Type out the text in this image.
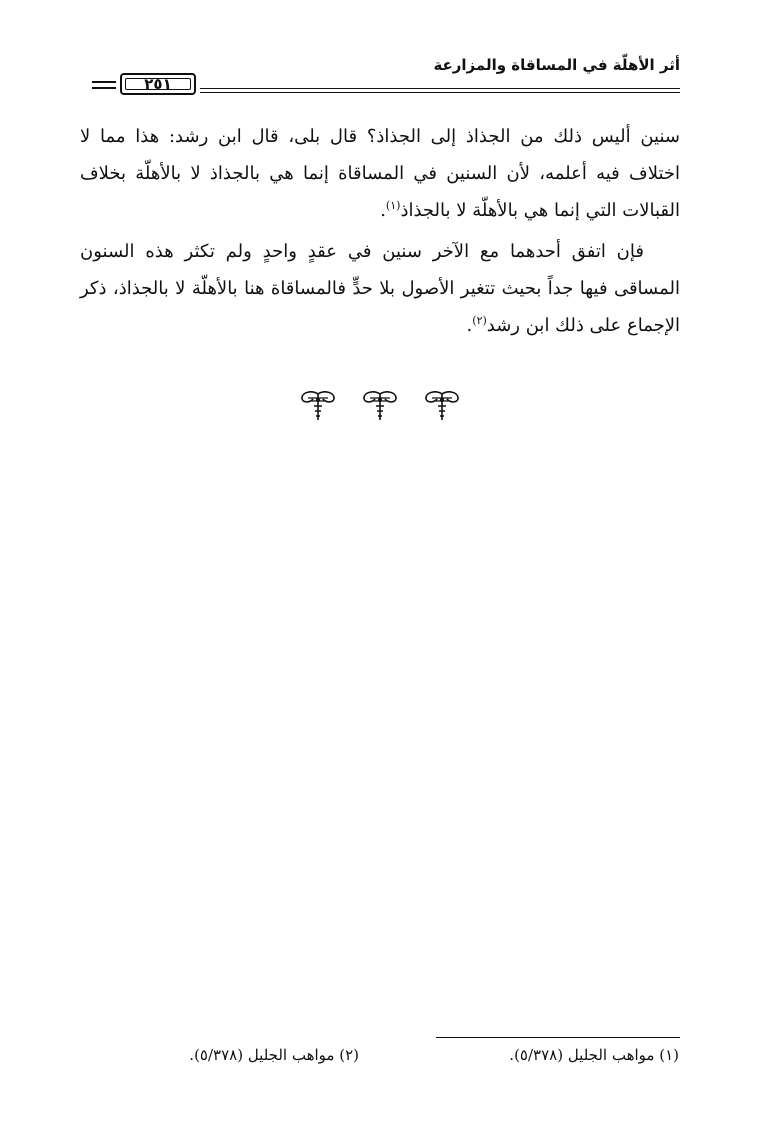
أثر الأهلّة في المساقاة والمزارعة
٢٥١

سنين أليس ذلك من الجذاذ إلى الجذاذ؟ قال بلى، قال ابن رشد: هذا مما لا اختلاف فيه أعلمه، لأن السنين في المساقاة إنما هي بالجذاذ لا بالأهلّة بخلاف القبالات التي إنما هي بالأهلّة لا بالجذاذ$^{(١)}$.

فإن اتفق أحدهما مع الآخر سنين في عقدٍ واحدٍ ولم تكثر هذه السنون المساقى فيها جداً بحيث تتغير الأصول بلا حدٍّ فالمساقاة هنا بالأهلّة لا بالجذاذ، ذكر الإجماع على ذلك ابن رشد$^{(٢)}$.

(١) مواهب الجليل (٥/٣٧٨).
(٢) مواهب الجليل (٥/٣٧٨).
